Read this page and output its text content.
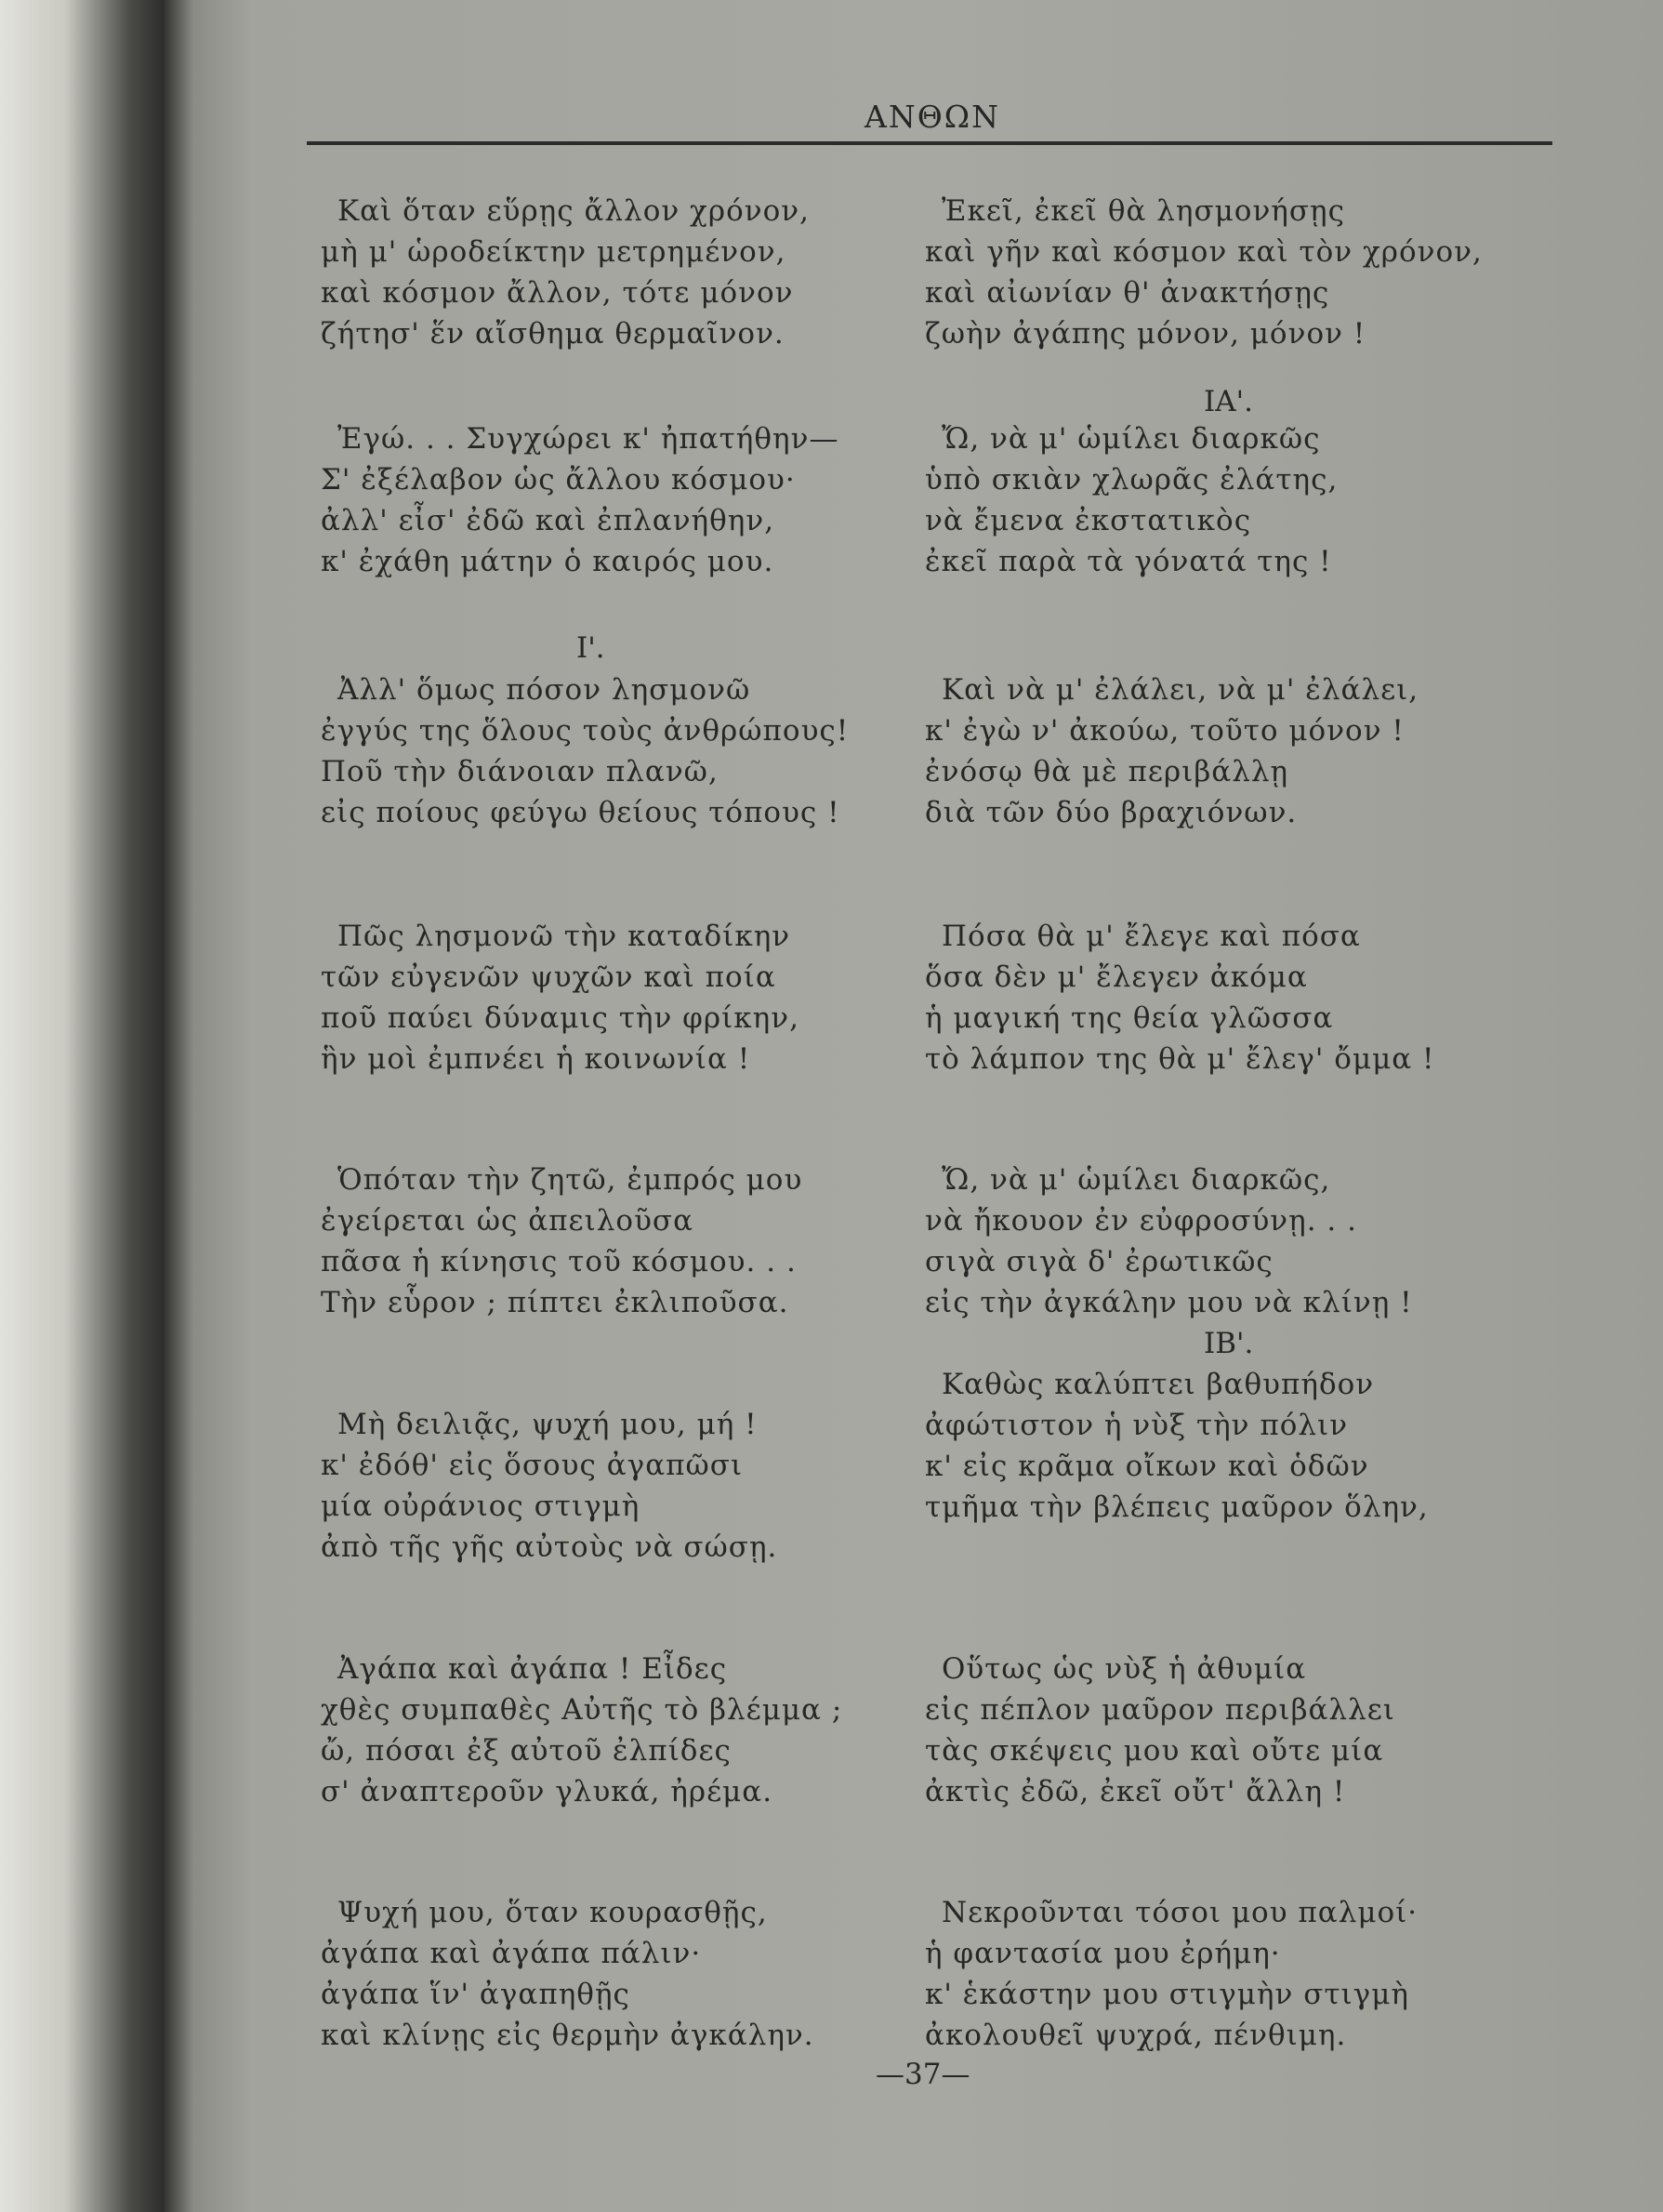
ΑΝΘΩΝ
Καὶ ὅταν εὕρῃς ἄλλον χρόνον,
μὴ μ' ὡροδείκτην μετρημένον,
καὶ κόσμον ἄλλον, τότε μόνον
ζήτησ' ἕν αἴσθημα θερμαῖνον.
Ἐγώ. . . Συγχώρει κ' ἠπατήθην—
Σ' ἐξέλαβον ὡς ἄλλου κόσμου·
ἀλλ' εἶσ' ἐδῶ καὶ ἐπλανήθην,
κ' ἐχάθη μάτην ὁ καιρός μου.
Ι'.
Ἀλλ' ὅμως πόσον λησμονῶ
ἐγγύς της ὅλους τοὺς ἀνθρώπους!
Ποῦ τὴν διάνοιαν πλανῶ,
εἰς ποίους φεύγω θείους τόπους !
Πῶς λησμονῶ τὴν καταδίκην
τῶν εὐγενῶν ψυχῶν καὶ ποία
ποῦ παύει δύναμις τὴν φρίκην,
ἣν μοὶ ἐμπνέει ἡ κοινωνία !
Ὁπόταν τὴν ζητῶ, ἐμπρός μου
ἐγείρεται ὡς ἀπειλοῦσα
πᾶσα ἡ κίνησις τοῦ κόσμου. . .
Τὴν εὗρον ; πίπτει ἐκλιποῦσα.
Μὴ δειλιᾷς, ψυχή μου, μή !
κ' ἐδόθ' εἰς ὅσους ἀγαπῶσι
μία οὐράνιος στιγμὴ
ἀπὸ τῆς γῆς αὐτοὺς νὰ σώσῃ.
Ἀγάπα καὶ ἀγάπα ! Εἶδες
χθὲς συμπαθὲς Αὐτῆς τὸ βλέμμα ;
ὤ, πόσαι ἐξ αὐτοῦ ἐλπίδες
σ' ἀναπτεροῦν γλυκά, ἠρέμα.
Ψυχή μου, ὅταν κουρασθῇς,
ἀγάπα καὶ ἀγάπα πάλιν·
ἀγάπα ἵν' ἀγαπηθῇς
καὶ κλίνῃς εἰς θερμὴν ἀγκάλην.
Ἐκεῖ, ἐκεῖ θὰ λησμονήσῃς
καὶ γῆν καὶ κόσμον καὶ τὸν χρόνον,
καὶ αἰωνίαν θ' ἀνακτήσῃς
ζωὴν ἀγάπης μόνον, μόνον !
ΙΑ'.
Ὤ, νὰ μ' ὡμίλει διαρκῶς
ὑπὸ σκιὰν χλωρᾶς ἐλάτης,
νὰ ἔμενα ἐκστατικὸς
ἐκεῖ παρὰ τὰ γόνατά της !
Καὶ νὰ μ' ἐλάλει, νὰ μ' ἐλάλει,
κ' ἐγὼ ν' ἀκούω, τοῦτο μόνον !
ἐνόσῳ θὰ μὲ περιβάλλῃ
διὰ τῶν δύο βραχιόνων.
Πόσα θὰ μ' ἔλεγε καὶ πόσα
ὅσα δὲν μ' ἔλεγεν ἀκόμα
ἡ μαγική της θεία γλῶσσα
τὸ λάμπον της θὰ μ' ἔλεγ' ὄμμα !
Ὤ, νὰ μ' ὡμίλει διαρκῶς,
νὰ ἤκουον ἐν εὐφροσύνῃ. . .
σιγὰ σιγὰ δ' ἐρωτικῶς
εἰς τὴν ἀγκάλην μου νὰ κλίνῃ !
ΙΒ'.
Καθὼς καλύπτει βαθυπήδον
ἀφώτιστον ἡ νὺξ τὴν πόλιν
κ' εἰς κρᾶμα οἴκων καὶ ὁδῶν
τμῆμα τὴν βλέπεις μαῦρον ὅλην,
Οὕτως ὡς νὺξ ἡ ἀθυμία
εἰς πέπλον μαῦρον περιβάλλει
τὰς σκέψεις μου καὶ οὔτε μία
ἀκτὶς ἐδῶ, ἐκεῖ οὔτ' ἄλλη !
Νεκροῦνται τόσοι μου παλμοί·
ἡ φαντασία μου ἐρήμη·
κ' ἑκάστην μου στιγμὴν στιγμὴ
ἀκολουθεῖ ψυχρά, πένθιμη.
—37—
